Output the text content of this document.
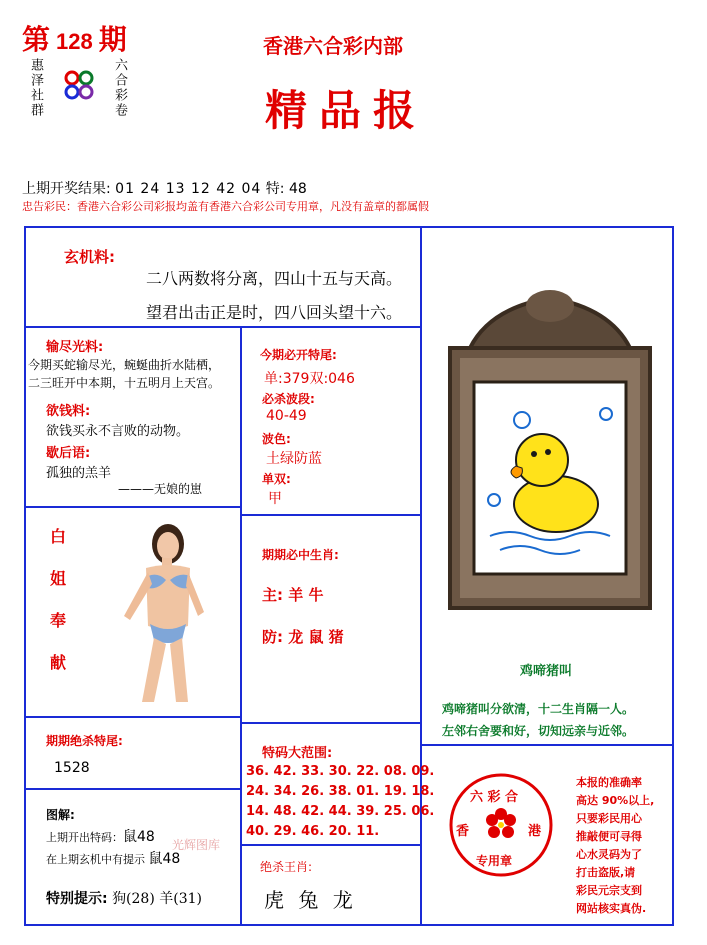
第 128 期
惠泽社群	六合彩卷
香港六合彩内部
精品报
上期开奖结果: 01 24 13 12 42 04 特: 48
忠告彩民：香港六合彩公司彩报均盖有香港六合彩公司专用章，凡没有盖章的都属假
玄机料:
二八两数将分离，四山十五与天高。
望君出击正是时，四八回头望十六。
输尽光料:
今期买蛇输尽光，蜿蜒曲折水陆栖，
二三旺开中本期，十五明月上天宫。
欲钱料:
欲钱买永不言败的动物。
歇后语:
孤独的羔羊
———无娘的崽
白
姐
奉
献
今期必开特尾:
单:379双:046
必杀波段:
40-49
波色:
土绿防蓝
单双:
甲
期期必中生肖:
主: 羊 牛
防: 龙 鼠 猪
鸡啼猪叫
鸡啼猪叫分欲清，十二生肖隔一人。
左邻右舍要和好，切知远亲与近邻。
期期绝杀特尾:
1528
特码大范围:
36. 42. 33. 30. 22. 08. 09.
24. 34. 26. 38. 01. 19. 18.
14. 48. 42. 44. 39. 25. 06.
40. 29. 46. 20. 11.
六 彩 合
香	港
专用章
本报的准确率
高达 90%以上,
只要彩民用心
推敲便可寻得
心水灵码为了
打击盗版,请
彩民元宗支到
网站核实真伪.
图解:
上期开出特码：鼠48
在上期玄机中有提示 鼠48
光辉图库
特别提示: 狗(28) 羊(31)
绝杀王肖:
虎 兔 龙
